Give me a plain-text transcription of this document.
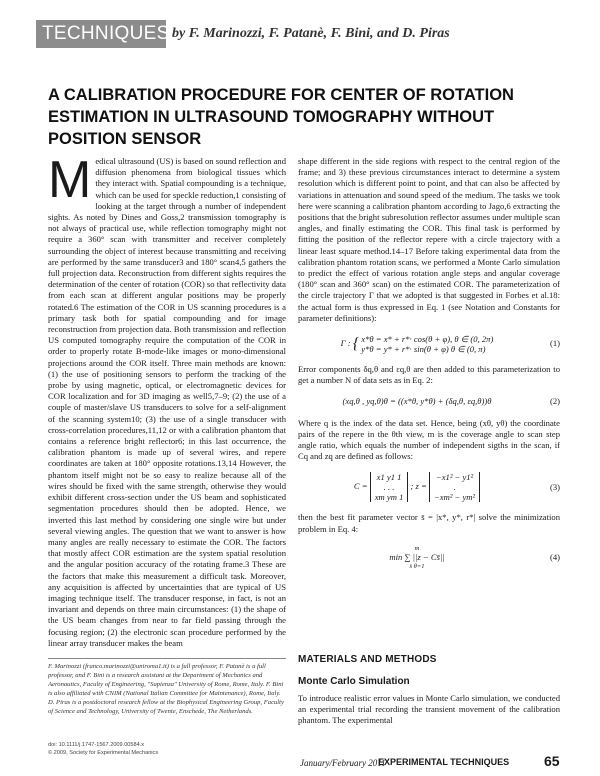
TECHNIQUES by F. Marinozzi, F. Patanè, F. Bini, and D. Piras
A CALIBRATION PROCEDURE FOR CENTER OF ROTATION ESTIMATION IN ULTRASOUND TOMOGRAPHY WITHOUT POSITION SENSOR

Medical ultrasound (US) is based on sound reflection and diffusion phenomena from biological tissues which they interact with. Spatial compounding is a technique, which can be used for speckle reduction,1 consisting of looking at the target through a number of independent sights. As noted by Dines and Goss,2 transmission tomography is not always of practical use, while reflection tomography might not require a 360° scan with transmitter and receiver completely surrounding the object of interest because transmitting and receiving are performed by the same transducer3 and 180° scan4,5 gathers the full projection data. Reconstruction from different sights requires the determination of the center of rotation (COR) so that reflectivity data from each scan at different angular positions may be properly rotated.6 The estimation of the COR in US scanning procedures is a primary task both for spatial compounding and for image reconstruction from projection data. Both transmission and reflection US computed tomography require the computation of the COR in order to properly rotate B-mode-like images or mono-dimensional projections around the COR itself. Three main methods are known: (1) the use of positioning sensors to perform the tracking of the probe by using magnetic, optical, or electromagnetic devices for COR localization and for 3D imaging as well5,7–9; (2) the use of a couple of master/slave US transducers to solve for a self-alignment of the scanning system10; (3) the use of a single transducer with cross-correlation procedures,11,12 or with a calibration phantom that contains a reference bright reflector6; in this last occurrence, the calibration phantom is made up of several wires, and repere coordinates are taken at 180° opposite rotations.13,14 However, the phantom itself might not be so easy to realize because all of the wires should be fixed with the same strength, otherwise they would exhibit different cross-section under the US beam and sophisticated segmentation procedures should then be adopted. Hence, we inverted this last method by considering one single wire but under several viewing angles. The question that we want to answer is how many angles are really necessary to estimate the COR. The factors that mostly affect COR estimation are the system spatial resolution and the angular position accuracy of the rotating frame.3 These are the factors that make this measurement a difficult task. Moreover, any acquisition is affected by uncertainties that are typical of US imaging technique itself. The transducer response, in fact, is not an invariant and depends on three main circumstances: (1) the shape of the US beam changes from near to far field passing through the focusing region; (2) the electronic scan procedure performed by the linear array transducer makes the beam

shape different in the side regions with respect to the central region of the frame; and 3) these previous circumstances interact to determine a system resolution which is different point to point, and that can also be affected by variations in attenuation and sound speed of the medium. The tasks we took here were scanning a calibration phantom according to Jago,6 extracting the positions that the bright subresolution reflector assumes under multiple scan angles, and finally estimating the COR. This final task is performed by fitting the position of the reflector repere with a circle trajectory with a linear least square method.14–17 Before taking experimental data from the calibration phantom rotation scans, we performed a Monte Carlo simulation to predict the effect of various rotation angle steps and angular coverage (180° scan and 360° scan) on the estimated COR. The parameterization of the circle trajectory Γ that we adopted is that suggested in Forbes et al.18: the actual form is thus expressed in Eq. 1 (see Notation and Constants for parameter definitions):

Γ : { x*θ = x* + r*· cos(θ + φ), θ ∈ (0, 2π)
y*θ = y* + r*· sin(θ + φ) θ ∈ (0, π)
(1)

Error components δq,θ and εq,θ are then added to this parameterization to get a number N of data sets as in Eq. 2:

(xq,θ , yq,θ)θ = ((x*θ, y*θ) + (δq,θ, εq,θ))θ	(2)

Where q is the index of the data set. Hence, being (xθ, yθ) the coordinate pairs of the repere in the θth view, m is the coverage angle to scan step angle ratio, which equals the number of independent sigths in the scan, if Cq and zq are defined as follows:

C =
x1 y1 1
. . .
xm ym 1
; z =
−x1² − y1²
.
−xm² − ym²
(3)

then the best fit parameter vector s̄ = |x*, y*, r*| solve the minimization problem in Eq. 4:

m
min ∑ ||z − Cs̄||
s̄ θ=1
(4)
F. Marinozzi (franco.marinozzi@uniroma1.it) is a full professor, F. Patanè is a full professor, and F. Bini is a research assistant at the Department of Mechanics and Aeronautics, Faculty of Engineering, "Sapienza" University of Rome, Rome, Italy. F. Bini is also affiliated with CNIM (National Italian Committee for Maintenance), Rome, Italy. D. Piras is a postdoctoral research fellow at the Biophysical Engineering Group, Faculty of Science and Technology, University of Twente, Enschede, The Netherlands.
doi: 10.1111/j.1747-1567.2009.00584.x
© 2009, Society for Experimental Mechanics
MATERIALS AND METHODS
Monte Carlo Simulation
To introduce realistic error values in Monte Carlo simulation, we conducted an experimental trial recording the transient movement of the calibration phantom. The experimental
January/February 2011
EXPERIMENTAL TECHNIQUES 65
